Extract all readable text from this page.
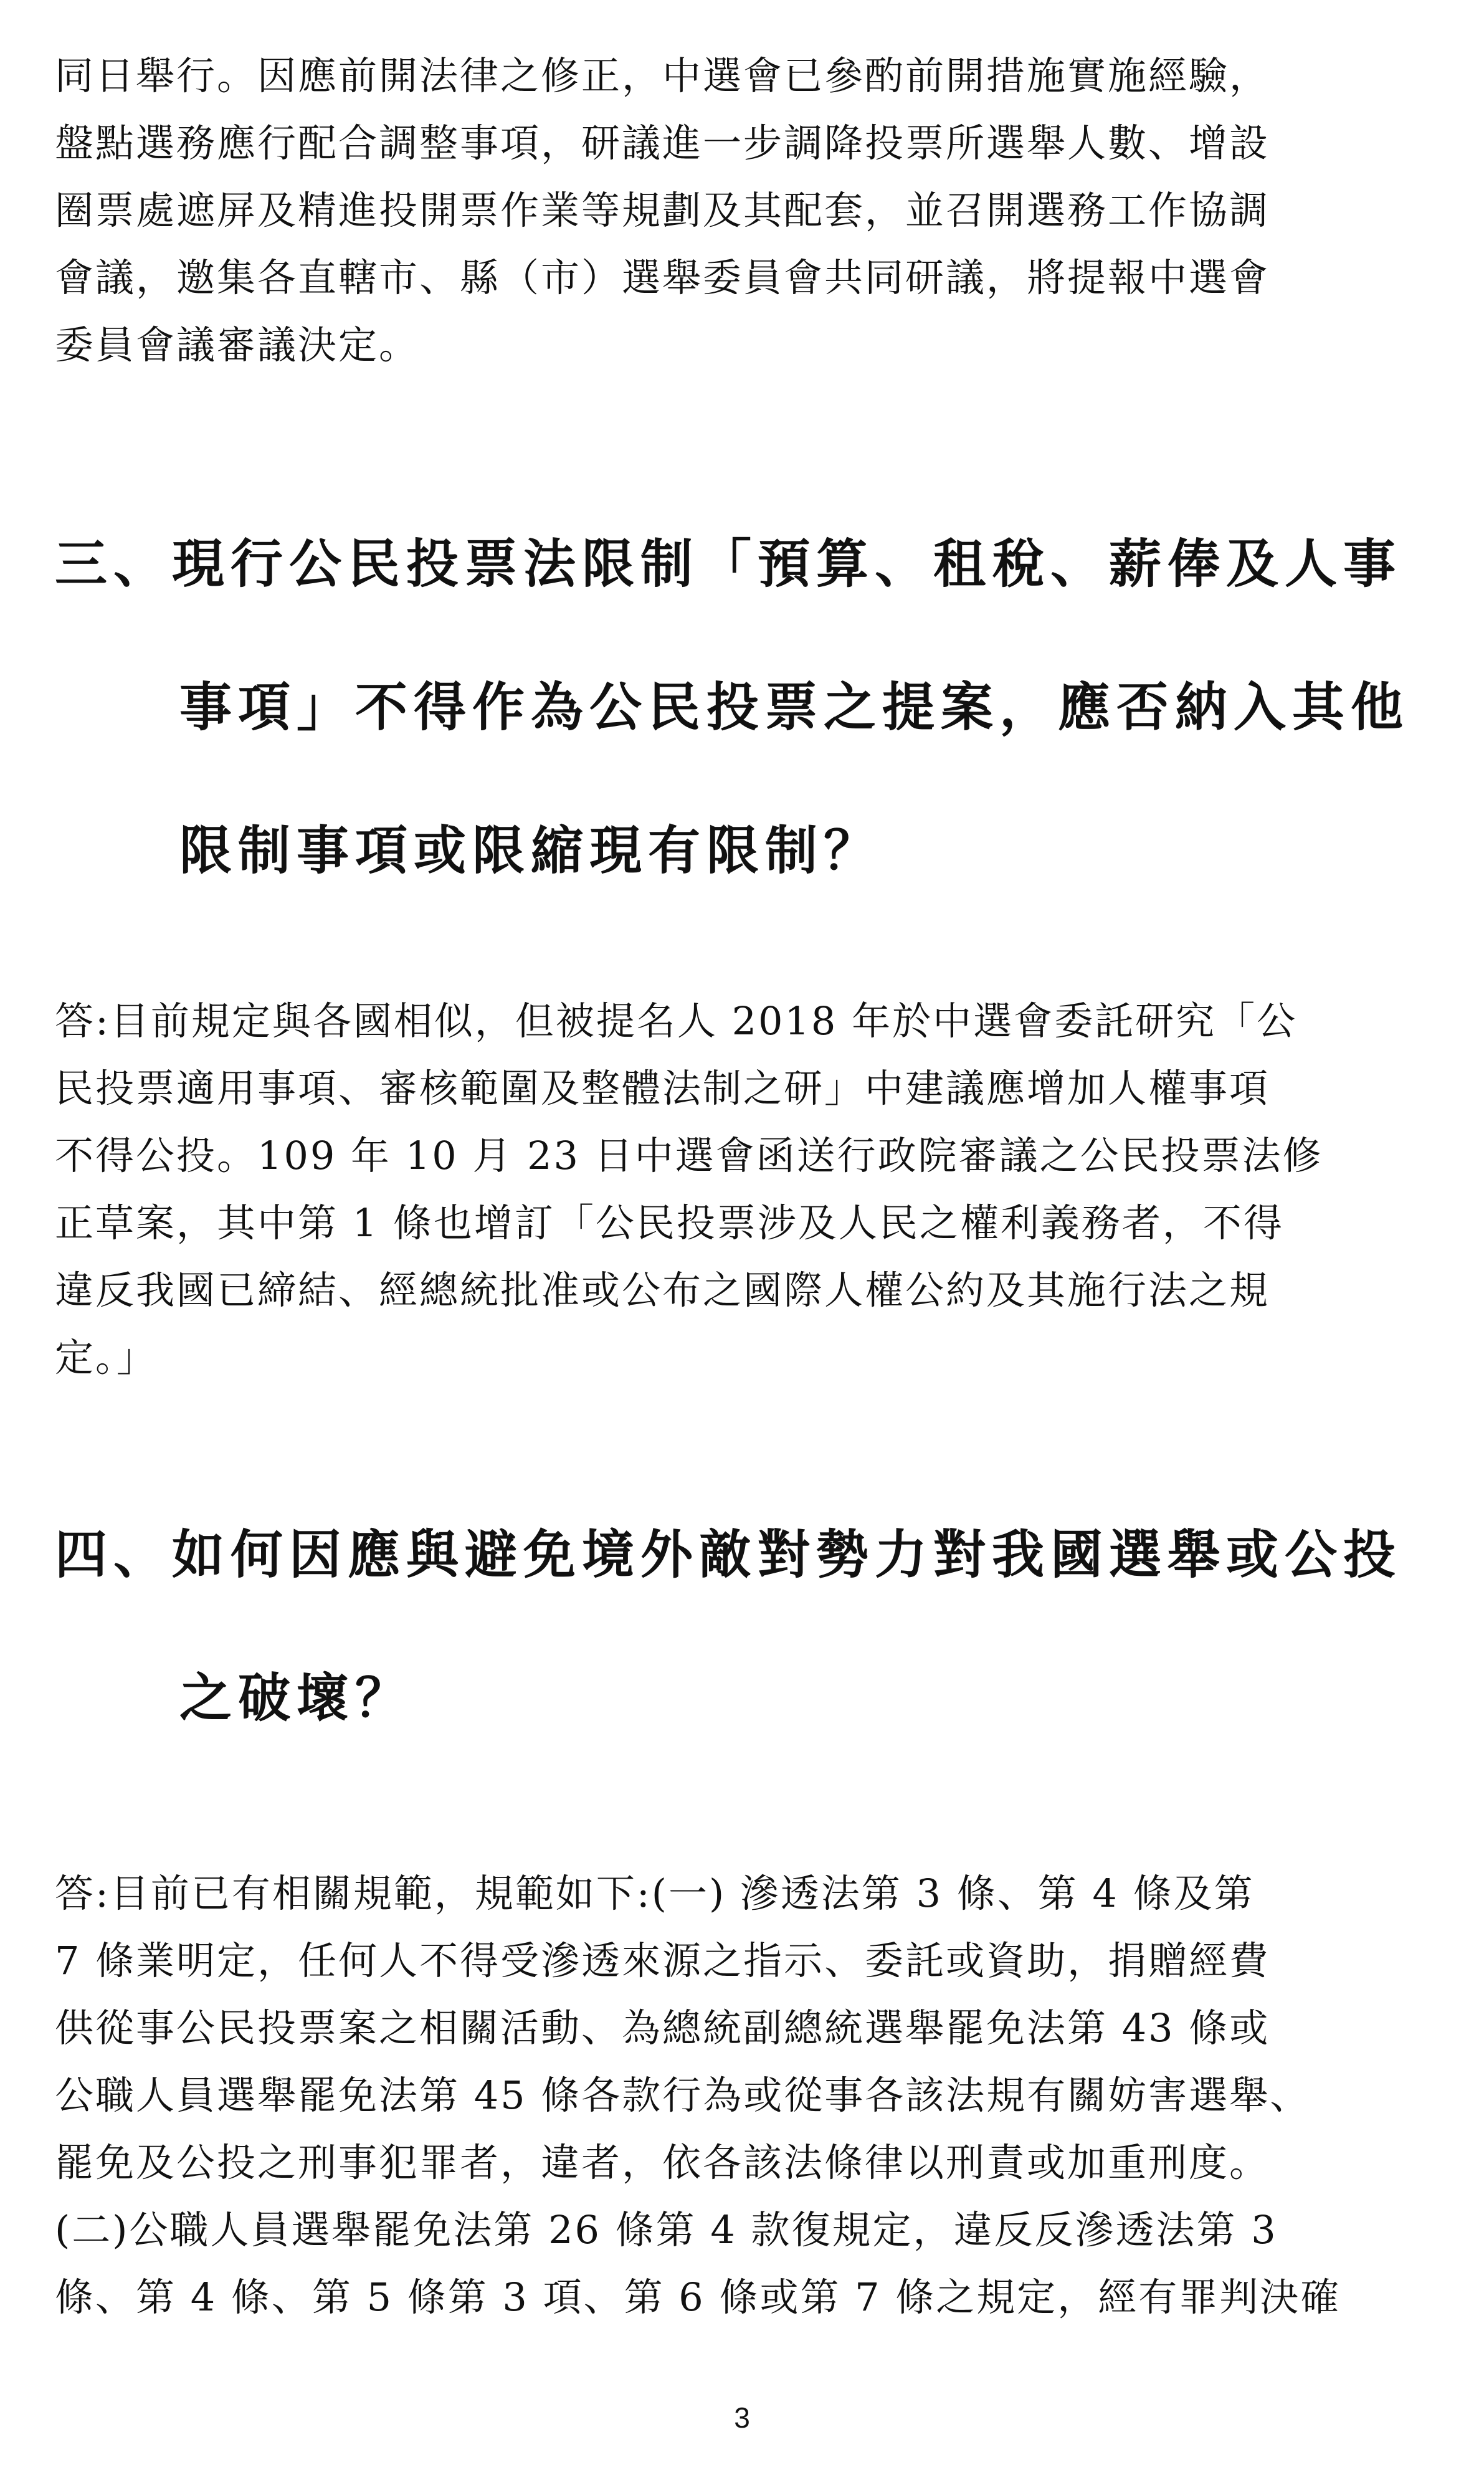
同日舉行。因應前開法律之修正，中選會已參酌前開措施實施經驗，
盤點選務應行配合調整事項，研議進一步調降投票所選舉人數、增設
圈票處遮屏及精進投開票作業等規劃及其配套，並召開選務工作協調
會議，邀集各直轄市、縣（市）選舉委員會共同研議，將提報中選會
委員會議審議決定。

三、現行公民投票法限制「預算、租稅、薪俸及人事
事項」不得作為公民投票之提案，應否納入其他
限制事項或限縮現有限制？

答:目前規定與各國相似，但被提名人 2018 年於中選會委託研究「公
民投票適用事項、審核範圍及整體法制之研」中建議應增加人權事項
不得公投。109 年 10 月 23 日中選會函送行政院審議之公民投票法修
正草案，其中第 1 條也增訂「公民投票涉及人民之權利義務者，不得
違反我國已締結、經總統批准或公布之國際人權公約及其施行法之規
定。」

四、如何因應與避免境外敵對勢力對我國選舉或公投
之破壞？

答:目前已有相關規範，規範如下:(一) 滲透法第 3 條、第 4 條及第
7 條業明定，任何人不得受滲透來源之指示、委託或資助，捐贈經費
供從事公民投票案之相關活動、為總統副總統選舉罷免法第 43 條或
公職人員選舉罷免法第 45 條各款行為或從事各該法規有關妨害選舉、
罷免及公投之刑事犯罪者，違者，依各該法條律以刑責或加重刑度。
(二)公職人員選舉罷免法第 26 條第 4 款復規定，違反反滲透法第 3
條、第 4 條、第 5 條第 3 項、第 6 條或第 7 條之規定，經有罪判決確

3
